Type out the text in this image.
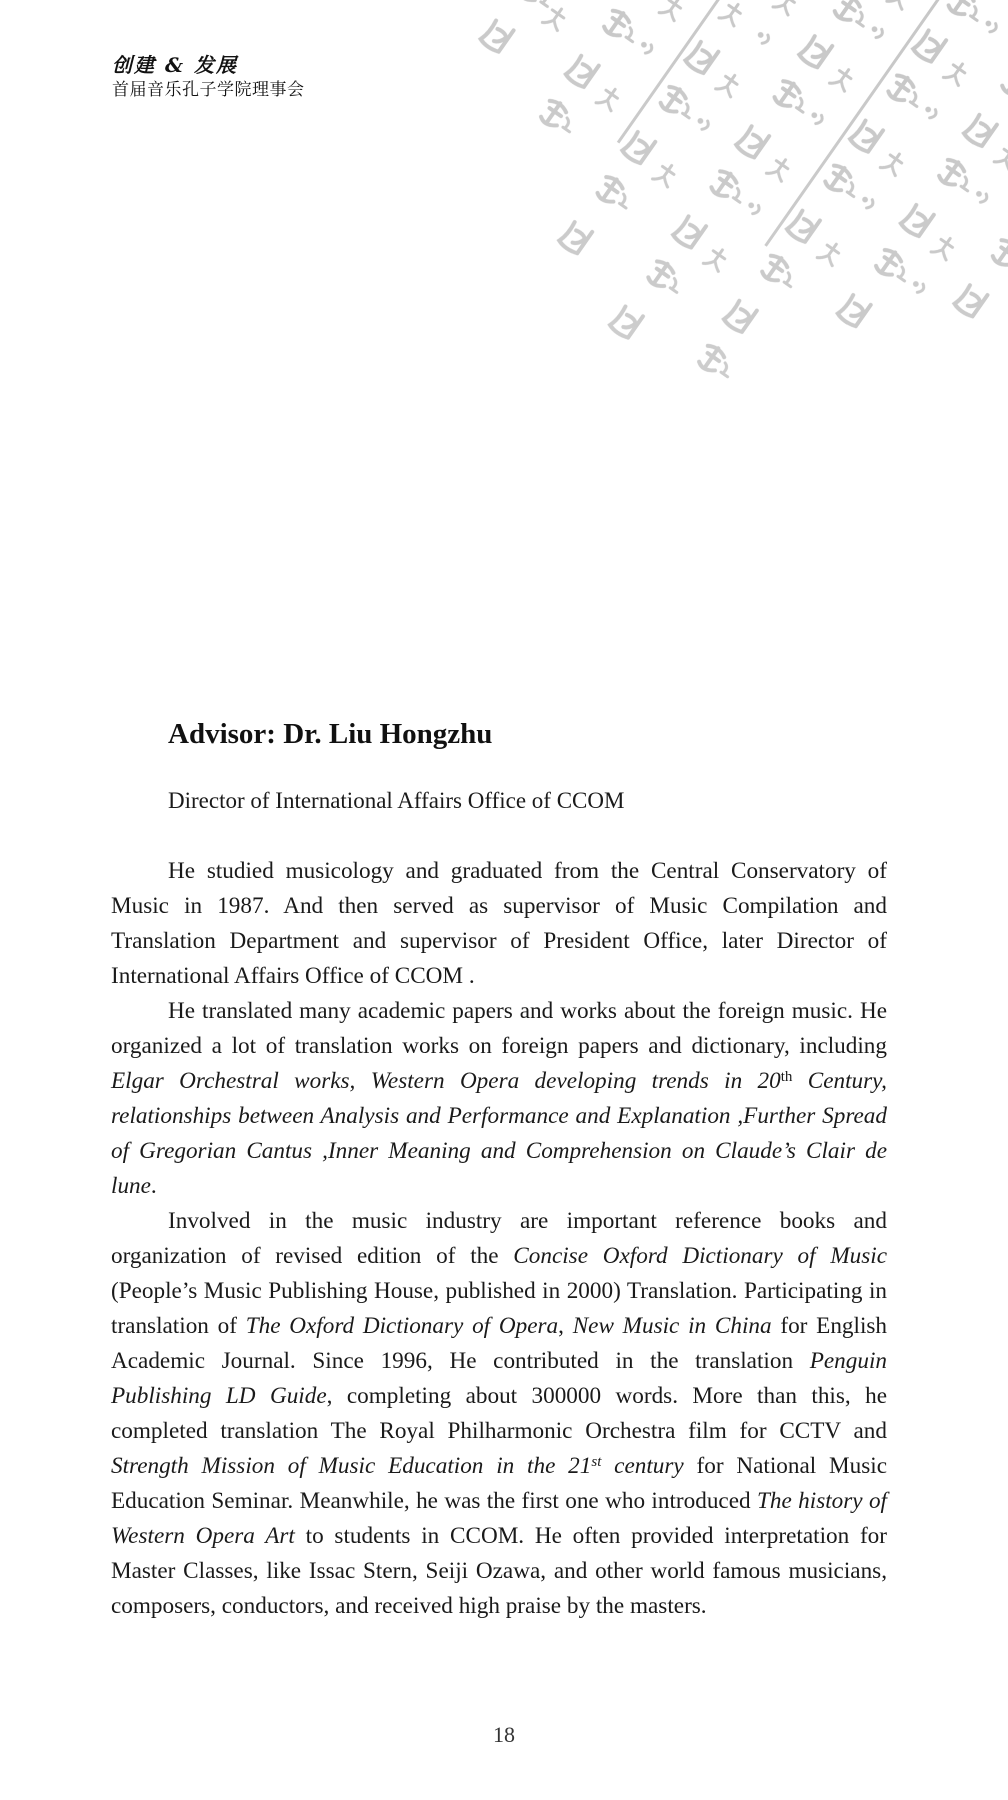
创建 & 发展
首届音乐孔子学院理事会
Advisor: Dr. Liu Hongzhu

Director of International Affairs Office of CCOM

He studied musicology and graduated from the Central Conservatory of Music in 1987. And then served as supervisor of Music Compilation and Translation Department and supervisor of President Office, later Director of International Affairs Office of CCOM .

He translated many academic papers and works about the foreign music. He organized a lot of translation works on foreign papers and dictionary, including Elgar Orchestral works, Western Opera developing trends in 20th Century, relationships between Analysis and Performance and Explanation ,Further Spread of Gregorian Cantus ,Inner Meaning and Comprehension on Claude’s Clair de lune.

Involved in the music industry are important reference books and organization of revised edition of the Concise Oxford Dictionary of Music (People’s Music Publishing House, published in 2000) Translation. Participating in translation of The Oxford Dictionary of Opera, New Music in China for English Academic Journal. Since 1996, He contributed in the translation Penguin Publishing LD Guide, completing about 300000 words. More than this, he completed translation The Royal Philharmonic Orchestra film for CCTV and Strength Mission of Music Education in the 21st century for National Music Education Seminar. Meanwhile, he was the first one who introduced The history of Western Opera Art to students in CCOM. He often provided interpretation for Master Classes, like Issac Stern, Seiji Ozawa, and other world famous musicians, composers, conductors, and received high praise by the masters.

18
